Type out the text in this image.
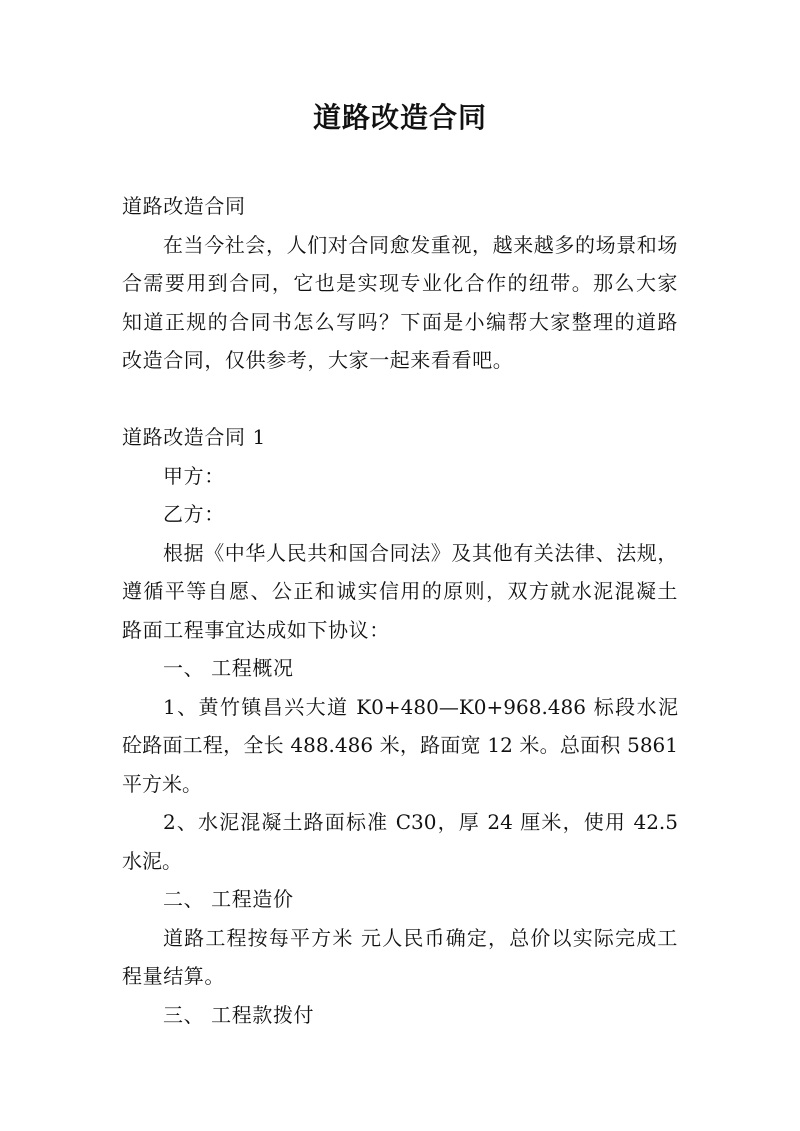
道路改造合同

道路改造合同

在当今社会，人们对合同愈发重视，越来越多的场景和场合需要用到合同，它也是实现专业化合作的纽带。那么大家知道正规的合同书怎么写吗？下面是小编帮大家整理的道路改造合同，仅供参考，大家一起来看看吧。

道路改造合同 1

甲方：

乙方：

根据《中华人民共和国合同法》及其他有关法律、法规，遵循平等自愿、公正和诚实信用的原则，双方就水泥混凝土路面工程事宜达成如下协议：

一、 工程概况

1、黄竹镇昌兴大道 K0+480—K0+968.486 标段水泥砼路面工程，全长 488.486 米，路面宽 12 米。总面积 5861 平方米。

2、水泥混凝土路面标准 C30，厚 24 厘米，使用 42.5 水泥。

二、 工程造价

道路工程按每平方米 元人民币确定，总价以实际完成工程量结算。

三、 工程款拨付
